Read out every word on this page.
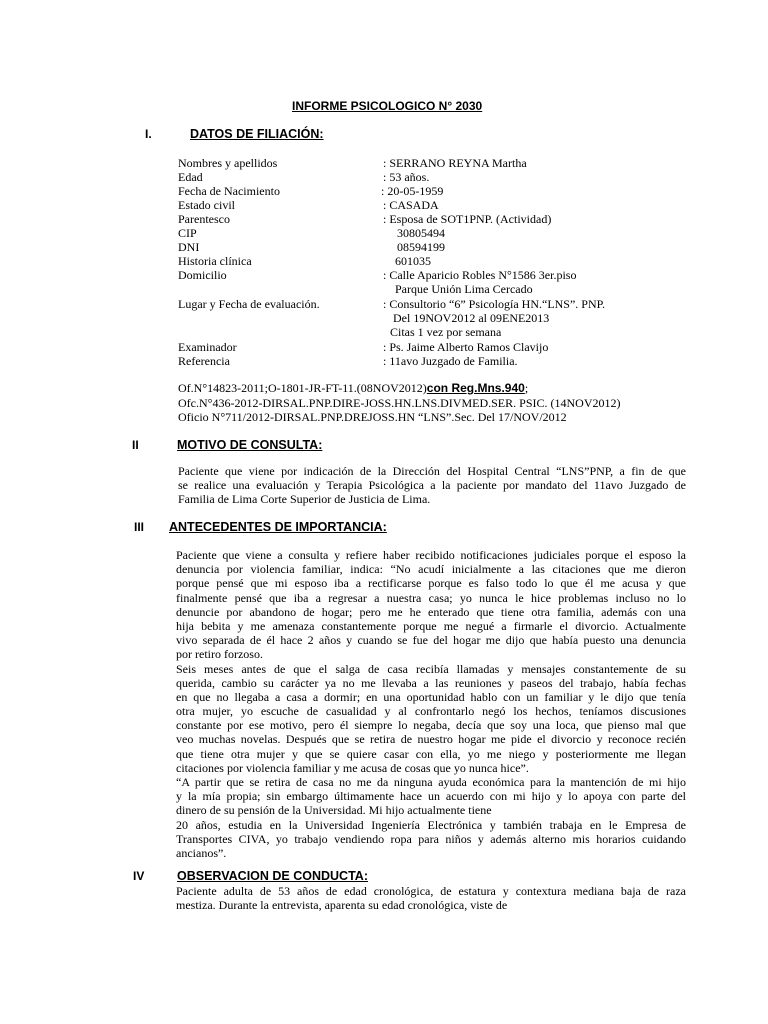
INFORME PSICOLOGICO N° 2030
I.	DATOS DE FILIACIÓN:
Nombres y apellidos	: SERRANO REYNA Martha
Edad	: 53 años.
Fecha de Nacimiento	: 20-05-1959
Estado civil	: CASADA
Parentesco	: Esposa de SOT1PNP. (Actividad)
CIP	30805494
DNI	08594199
Historia clínica	601035
Domicilio	: Calle Aparicio Robles N°1586 3er.piso
Parque Unión Lima Cercado
Lugar y Fecha de evaluación.	: Consultorio “6” Psicología HN.“LNS”. PNP.
Del 19NOV2012 al 09ENE2013
Citas 1 vez por semana
Examinador	: Ps. Jaime Alberto Ramos Clavijo
Referencia	: 11avo Juzgado de Familia.
Of.N°14823-2011;O-1801-JR-FT-11.(08NOV2012)con Reg.Mns.940;
Ofc.N°436-2012-DIRSAL.PNP.DIRE-JOSS.HN.LNS.DIVMED.SER. PSIC. (14NOV2012)
Oficio N°711/2012-DIRSAL.PNP.DREJOSS.HN “LNS”.Sec. Del 17/NOV/2012
II	MOTIVO DE CONSULTA:
Paciente que viene por indicación de la Dirección del Hospital Central “LNS”PNP, a fin de que
se realice una evaluación y Terapia Psicológica a la paciente por mandato del 11avo Juzgado de
Familia de Lima Corte Superior de Justicia de Lima.
III ANTECEDENTES DE IMPORTANCIA:
Paciente que viene a consulta y refiere haber recibido notificaciones judiciales porque el esposo la
denuncia por violencia familiar, indica: “No acudí inicialmente a las citaciones que me dieron
porque pensé que mi esposo iba a rectificarse porque es falso todo lo que él me acusa y que
finalmente pensé que iba a regresar a nuestra casa; yo nunca le hice problemas incluso no lo
denuncie por abandono de hogar; pero me he enterado que tiene otra familia, además con una
hija bebita y me amenaza constantemente porque me negué a firmarle el divorcio. Actualmente
vivo separada de él hace 2 años y cuando se fue del hogar me dijo que había puesto una denuncia
por retiro forzoso.
Seis meses antes de que el salga de casa recibía llamadas y mensajes constantemente de su
querida, cambio su carácter ya no me llevaba a las reuniones y paseos del trabajo, había fechas
en que no llegaba a casa a dormir; en una oportunidad hablo con un familiar y le dijo que tenía
otra mujer, yo escuche de casualidad y al confrontarlo negó los hechos, teníamos discusiones
constante por ese motivo, pero él siempre lo negaba, decía que soy una loca, que pienso mal que
veo muchas novelas. Después que se retira de nuestro hogar me pide el divorcio y reconoce recién
que tiene otra mujer y que se quiere casar con ella, yo me niego y posteriormente me llegan
citaciones por violencia familiar y me acusa de cosas que yo nunca hice”.
“A partir que se retira de casa no me da ninguna ayuda económica para la mantención de mi hijo
y la mía propia; sin embargo últimamente hace un acuerdo con mi hijo y lo apoya con parte del
dinero de su pensión de la Universidad. Mi hijo actualmente tiene
20 años, estudia en la Universidad Ingeniería Electrónica y también trabaja en le Empresa de
Transportes CIVA, yo trabajo vendiendo ropa para niños y además alterno mis horarios cuidando
ancianos”.
IV	OBSERVACION DE CONDUCTA:
Paciente adulta de 53 años de edad cronológica, de estatura y contextura mediana baja de raza
mestiza. Durante la entrevista, aparenta su edad cronológica, viste de
